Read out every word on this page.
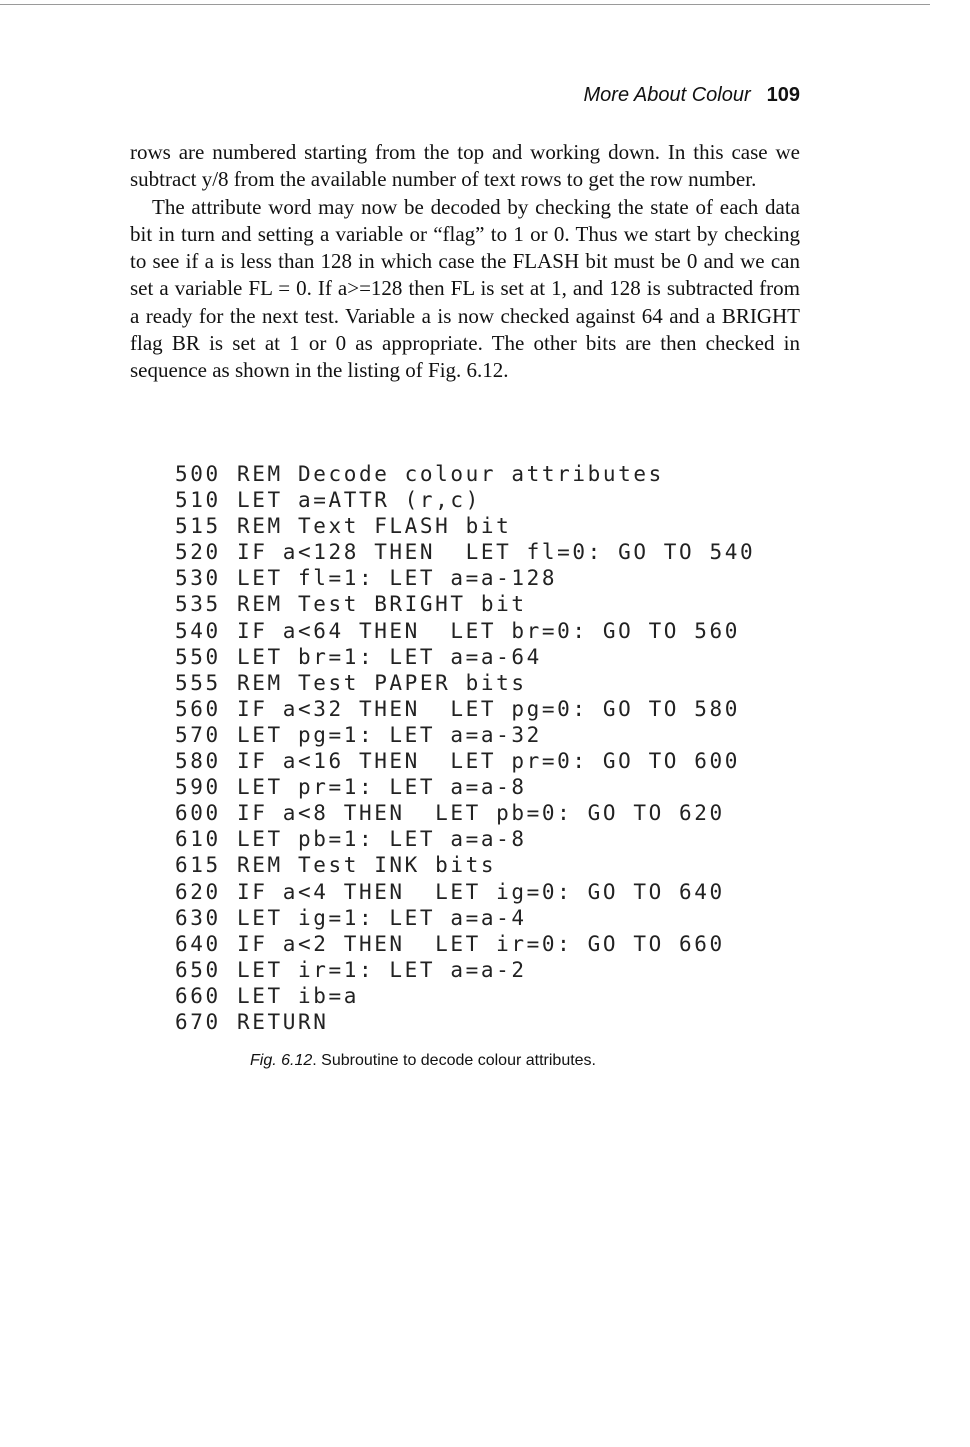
More About Colour 109

rows are numbered starting from the top and working down. In this case we subtract y/8 from the available number of text rows to get the row number.

The attribute word may now be decoded by checking the state of each data bit in turn and setting a variable or “flag” to 1 or 0. Thus we start by checking to see if a is less than 128 in which case the FLASH bit must be 0 and we can set a variable FL = 0. If a>=128 then FL is set at 1, and 128 is subtracted from a ready for the next test. Variable a is now checked against 64 and a BRIGHT flag BR is set at 1 or 0 as appropriate. The other bits are then checked in sequence as shown in the listing of Fig. 6.12.

500 REM Decode colour attributes
510 LET a=ATTR (r,c)
515 REM Text FLASH bit
520 IF a<128 THEN  LET fl=0: GO TO 540
530 LET fl=1: LET a=a-128
535 REM Test BRIGHT bit
540 IF a<64 THEN  LET br=0: GO TO 560
550 LET br=1: LET a=a-64
555 REM Test PAPER bits
560 IF a<32 THEN  LET pg=0: GO TO 580
570 LET pg=1: LET a=a-32
580 IF a<16 THEN  LET pr=0: GO TO 600
590 LET pr=1: LET a=a-8
600 IF a<8 THEN  LET pb=0: GO TO 620
610 LET pb=1: LET a=a-8
615 REM Test INK bits
620 IF a<4 THEN  LET ig=0: GO TO 640
630 LET ig=1: LET a=a-4
640 IF a<2 THEN  LET ir=0: GO TO 660
650 LET ir=1: LET a=a-2
660 LET ib=a
670 RETURN
Fig. 6.12. Subroutine to decode colour attributes.
